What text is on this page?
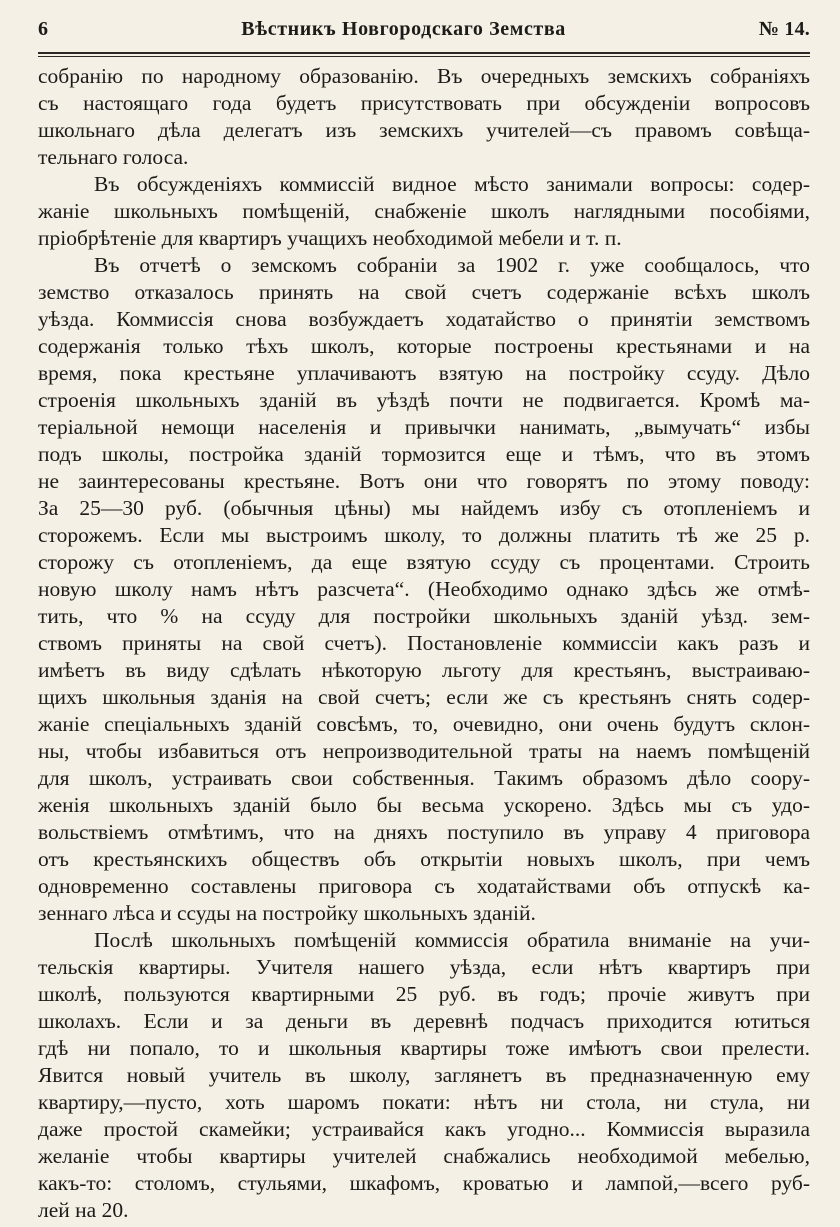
6	Вѣстникъ Новгородскаго Земства	№ 14.
собранію по народному образованію. Въ очередныхъ земскихъ собраніяхъ
съ настоящаго года будетъ присутствовать при обсужденіи вопросовъ
школьнаго дѣла делегатъ изъ земскихъ учителей—съ правомъ совѣща-
тельнаго голоса.
Въ обсужденіяхъ коммиссій видное мѣсто занимали вопросы: содер-
жаніе школьныхъ помѣщеній, снабженіе школъ наглядными пособіями,
пріобрѣтеніе для квартиръ учащихъ необходимой мебели и т. п.
Въ отчетѣ о земскомъ собраніи за 1902 г. уже сообщалось, что
земство отказалось принять на свой счетъ содержаніе всѣхъ школъ
уѣзда. Коммиссія снова возбуждаетъ ходатайство о принятіи земствомъ
содержанія только тѣхъ школъ, которые построены крестьянами и на
время, пока крестьяне уплачиваютъ взятую на постройку ссуду. Дѣло
строенія школьныхъ зданій въ уѣздѣ почти не подвигается. Кромѣ ма-
теріальной немощи населенія и привычки нанимать, „вымучать“ избы
подъ школы, постройка зданій тормозится еще и тѣмъ, что въ этомъ
не заинтересованы крестьяне. Вотъ они что говорятъ по этому поводу:
За 25—30 руб. (обычныя цѣны) мы найдемъ избу съ отопленіемъ и
сторожемъ. Если мы выстроимъ школу, то должны платить тѣ же 25 р.
сторожу съ отопленіемъ, да еще взятую ссуду съ процентами. Строить
новую школу намъ нѣтъ разсчета“. (Необходимо однако здѣсь же отмѣ-
тить, что % на ссуду для постройки школьныхъ зданій уѣзд. зем-
ствомъ приняты на свой счетъ). Постановленіе коммиссіи какъ разъ и
имѣетъ въ виду сдѣлать нѣкоторую льготу для крестьянъ, выстраиваю-
щихъ школьныя зданія на свой счетъ; если же съ крестьянъ снять содер-
жаніе спеціальныхъ зданій совсѣмъ, то, очевидно, они очень будутъ склон-
ны, чтобы избавиться отъ непроизводительной траты на наемъ помѣщеній
для школъ, устраивать свои собственныя. Такимъ образомъ дѣло соору-
женія школьныхъ зданій было бы весьма ускорено. Здѣсь мы съ удо-
вольствіемъ отмѣтимъ, что на дняхъ поступило въ управу 4 приговора
отъ крестьянскихъ обществъ объ открытіи новыхъ школъ, при чемъ
одновременно составлены приговора съ ходатайствами объ отпускѣ ка-
зеннаго лѣса и ссуды на постройку школьныхъ зданій.
Послѣ школьныхъ помѣщеній коммиссія обратила вниманіе на учи-
тельскія квартиры. Учителя нашего уѣзда, если нѣтъ квартиръ при
школѣ, пользуются квартирными 25 руб. въ годъ; прочіе живутъ при
школахъ. Если и за деньги въ деревнѣ подчасъ приходится ютиться
гдѣ ни попало, то и школьныя квартиры тоже имѣютъ свои прелести.
Явится новый учитель въ школу, заглянетъ въ предназначенную ему
квартиру,—пусто, хоть шаромъ покати: нѣтъ ни стола, ни стула, ни
даже простой скамейки; устраивайся какъ угодно... Коммиссія выразила
желаніе чтобы квартиры учителей снабжались необходимой мебелью,
какъ-то: столомъ, стульями, шкафомъ, кроватью и лампой,—всего руб-
лей на 20.
